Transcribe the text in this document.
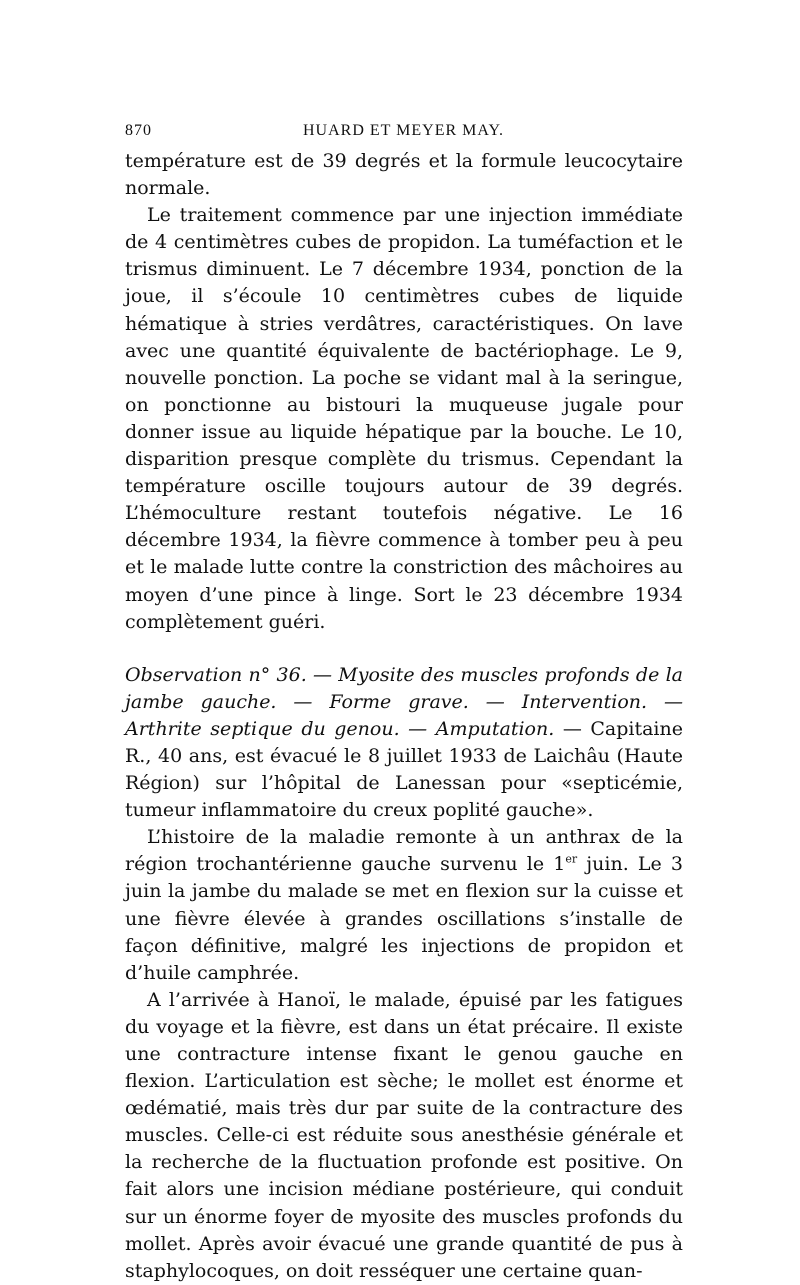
870	HUARD ET MEYER MAY.

température est de 39 degrés et la formule leucocytaire normale.

Le traitement commence par une injection immédiate de 4 centimètres cubes de propidon. La tuméfaction et le trismus diminuent. Le 7 décembre 1934, ponction de la joue, il s’écoule 10 centimètres cubes de liquide hématique à stries verdâtres, caractéristiques. On lave avec une quantité équivalente de bactériophage. Le 9, nouvelle ponction. La poche se vidant mal à la seringue, on ponctionne au bistouri la muqueuse jugale pour donner issue au liquide hépatique par la bouche. Le 10, disparition presque complète du trismus. Cependant la température oscille toujours autour de 39 degrés. L’hémoculture restant toutefois négative. Le 16 décembre 1934, la fièvre commence à tomber peu à peu et le malade lutte contre la constriction des mâchoires au moyen d’une pince à linge. Sort le 23 décembre 1934 complètement guéri.

Observation n° 36. — Myosite des muscles profonds de la jambe gauche. — Forme grave. — Intervention. — Arthrite septique du genou. — Amputation. — Capitaine R., 40 ans, est évacué le 8 juillet 1933 de Laichâu (Haute Région) sur l’hôpital de Lanessan pour «septicémie, tumeur inflammatoire du creux poplité gauche».

L’histoire de la maladie remonte à un anthrax de la région trochantérienne gauche survenu le 1er juin. Le 3 juin la jambe du malade se met en flexion sur la cuisse et une fièvre élevée à grandes oscillations s’installe de façon définitive, malgré les injections de propidon et d’huile camphrée.

A l’arrivée à Hanoï, le malade, épuisé par les fatigues du voyage et la fièvre, est dans un état précaire. Il existe une contracture intense fixant le genou gauche en flexion. L’articulation est sèche; le mollet est énorme et œdématié, mais très dur par suite de la contracture des muscles. Celle-ci est réduite sous anesthésie générale et la recherche de la fluctuation profonde est positive. On fait alors une incision médiane postérieure, qui conduit sur un énorme foyer de myosite des muscles profonds du mollet. Après avoir évacué une grande quantité de pus à staphylocoques, on doit resséquer une certaine quan-
